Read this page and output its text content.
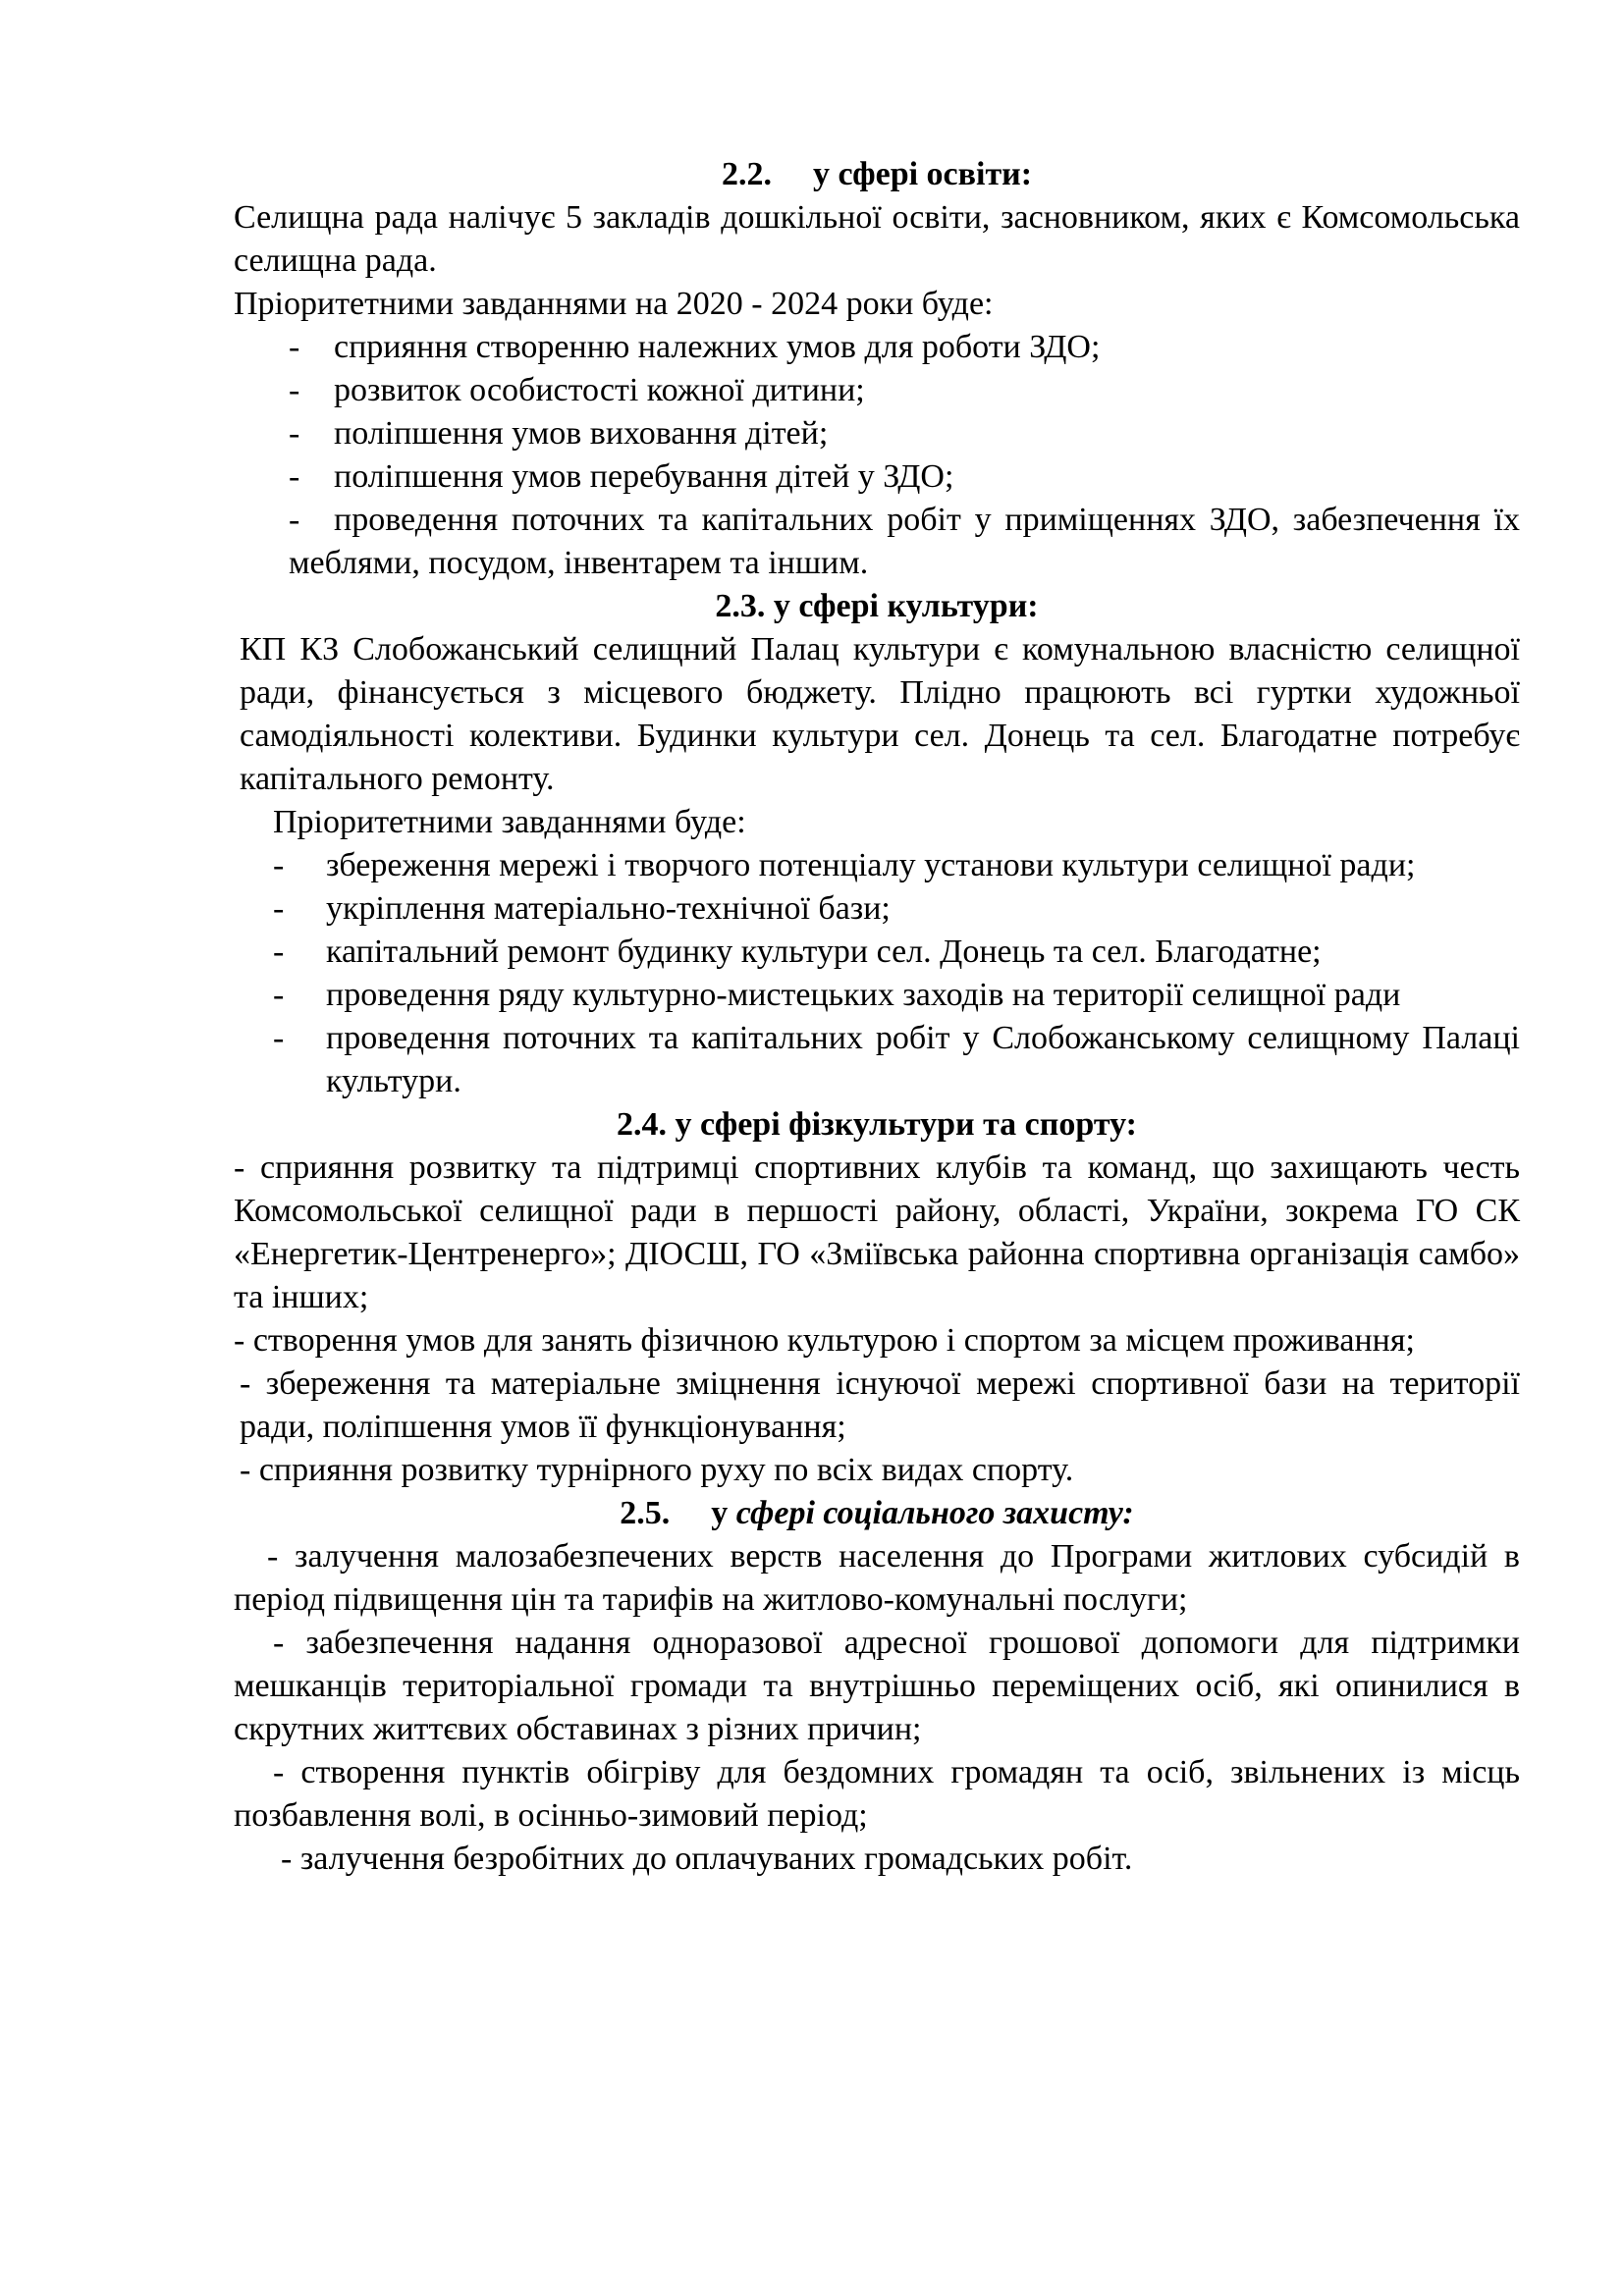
2.2. у сфері освіти:

Селищна рада налічує 5 закладів дошкільної освіти, засновником, яких є Комсомольська селищна рада.

Пріоритетними завданнями на 2020 - 2024 роки буде:

- сприяння створенню належних умов для роботи ЗДО;
- розвиток особистості кожної дитини;
- поліпшення умов виховання дітей;
- поліпшення умов перебування дітей у ЗДО;
- проведення поточних та капітальних робіт у приміщеннях ЗДО, забезпечення їх меблями, посудом, інвентарем та іншим.
2.3. у сфері культури:

КП КЗ Слобожанський селищний Палац культури є комунальною власністю селищної ради, фінансується з місцевого бюджету. Плідно працюють всі гуртки художньої самодіяльності колективи. Будинки культури сел. Донець та сел. Благодатне потребує капітального ремонту.

Пріоритетними завданнями буде:

- збереження мережі і творчого потенціалу установи культури селищної ради;
- укріплення матеріально-технічної бази;
- капітальний ремонт будинку культури сел. Донець та сел. Благодатне;
- проведення ряду культурно-мистецьких заходів на території селищної ради
- проведення поточних та капітальних робіт у Слобожанському селищному Палаці культури.
2.4. у сфері фізкультури та спорту:

- сприяння розвитку та підтримці спортивних клубів та команд, що захищають честь Комсомольської селищної ради в першості району, області, України, зокрема ГО СК «Енергетик-Центренерго»; ДІОСШ, ГО «Зміївська районна спортивна організація самбо» та інших;

- створення умов для занять фізичною культурою і спортом за місцем проживання;

- збереження та матеріальне зміцнення існуючої мережі спортивної бази на території ради, поліпшення умов її функціонування;

- сприяння розвитку турнірного руху по всіх видах спорту.

2.5. у сфері соціального захисту:

- залучення малозабезпечених верств населення до Програми житлових субсидій в період підвищення цін та тарифів на житлово-комунальні послуги;

- забезпечення надання одноразової адресної грошової допомоги для підтримки мешканців територіальної громади та внутрішньо переміщених осіб, які опинилися в скрутних життєвих обставинах з різних причин;

- створення пунктів обігріву для бездомних громадян та осіб, звільнених із місць позбавлення волі, в осінньо-зимовий період;

- залучення безробітних до оплачуваних громадських робіт.
